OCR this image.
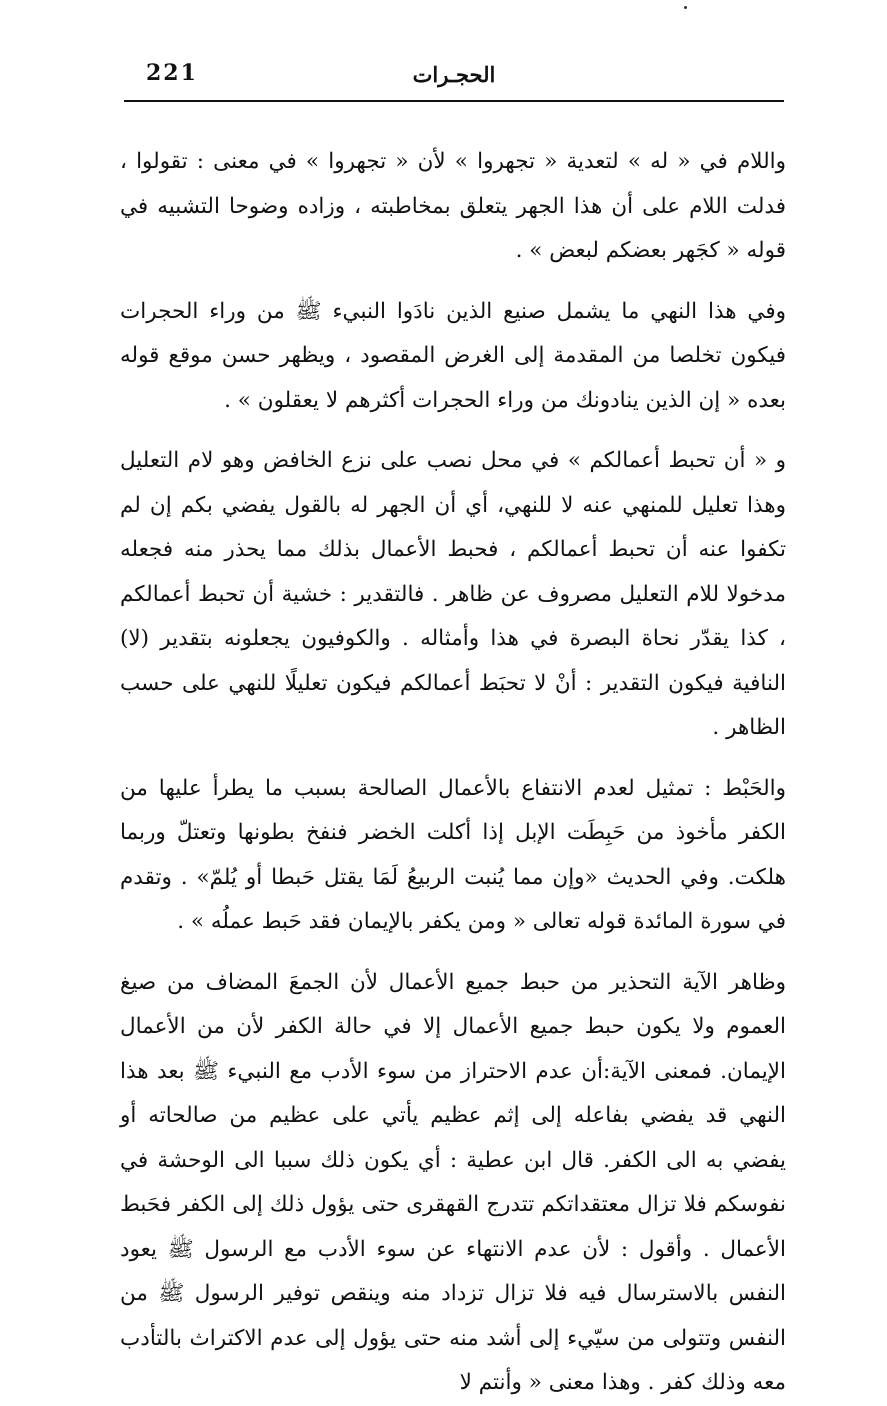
221	الحجـرات

واللام في « له » لتعدية « تجهروا » لأن « تجهروا » في معنى : تقولوا ، فدلت اللام على أن هذا الجهر يتعلق بمخاطبته ، وزاده وضوحا التشبيه في قوله « كجَهر بعضكم لبعض » .

وفي هذا النهي ما يشمل صنيع الذين نادَوا النبيء ﷺ من وراء الحجرات فيكون تخلصا من المقدمة إلى الغرض المقصود ، ويظهر حسن موقع قوله بعده « إن الذين ينادونك من وراء الحجرات أكثرهم لا يعقلون » .

و « أن تحبط أعمالكم » في محل نصب على نزع الخافض وهو لام التعليل وهذا تعليل للمنهي عنه لا للنهي، أي أن الجهر له بالقول يفضي بكم إن لم تكفوا عنه أن تحبط أعمالكم ، فحبط الأعمال بذلك مما يحذر منه فجعله مدخولا للام التعليل مصروف عن ظاهر . فالتقدير : خشية أن تحبط أعمالكم ، كذا يقدّر نحاة البصرة في هذا وأمثاله . والكوفيون يجعلونه بتقدير (لا) النافية فيكون التقدير : أنْ لا تحبَط أعمالكم فيكون تعليلًا للنهي على حسب الظاهر .

والحَبْط : تمثيل لعدم الانتفاع بالأعمال الصالحة بسبب ما يطرأ عليها من الكفر مأخوذ من حَبِطَت الإبل إذا أكلت الخضر فنفخ بطونها وتعتلّ وربما هلكت. وفي الحديث «وإن مما يُنبت الربيعُ لَمَا يقتل حَبطا أو يُلمّ» . وتقدم في سورة المائدة قوله تعالى « ومن يكفر بالإيمان فقد حَبط عملُه » .

وظاهر الآية التحذير من حبط جميع الأعمال لأن الجمعَ المضاف من صيغ العموم ولا يكون حبط جميع الأعمال إلا في حالة الكفر لأن من الأعمال الإيمان. فمعنى الآية:أن عدم الاحتراز من سوء الأدب مع النبيء ﷺ بعد هذا النهي قد يفضي بفاعله إلى إثم عظيم يأتي على عظيم من صالحاته أو يفضي به الى الكفر. قال ابن عطية : أي يكون ذلك سببا الى الوحشة في نفوسكم فلا تزال معتقداتكم تتدرج القهقرى حتى يؤول ذلك إلى الكفر فحَبط الأعمال . وأقول : لأن عدم الانتهاء عن سوء الأدب مع الرسول ﷺ يعود النفس بالاسترسال فيه فلا تزال تزداد منه وينقص توفير الرسول ﷺ من النفس وتتولى من سيّيء إلى أشد منه حتى يؤول إلى عدم الاكتراث بالتأدب معه وذلك كفر . وهذا معنى « وأنتم لا
